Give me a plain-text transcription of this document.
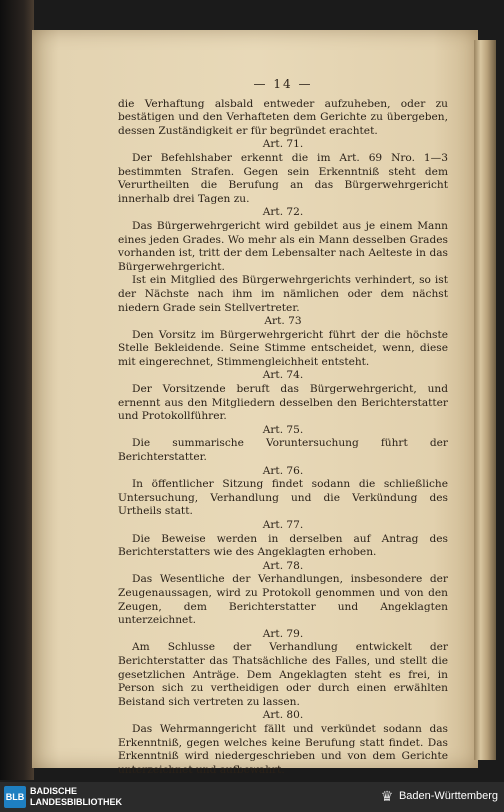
— 14 —

die Verhaftung alsbald entweder aufzuheben, oder zu bestätigen und den Verhafteten dem Gerichte zu übergeben, dessen Zuständigkeit er für begründet erachtet.

Art. 71.

Der Befehlshaber erkennt die im Art. 69 Nro. 1—3 bestimmten Strafen. Gegen sein Erkenntniß steht dem Verurtheilten die Berufung an das Bürgerwehrgericht innerhalb drei Tagen zu.

Art. 72.

Das Bürgerwehrgericht wird gebildet aus je einem Mann eines jeden Grades. Wo mehr als ein Mann desselben Grades vorhanden ist, tritt der dem Lebensalter nach Aelteste in das Bürgerwehrgericht.

Ist ein Mitglied des Bürgerwehrgerichts verhindert, so ist der Nächste nach ihm im nämlichen oder dem nächst niedern Grade sein Stellvertreter.

Art. 73

Den Vorsitz im Bürgerwehrgericht führt der die höchste Stelle Bekleidende. Seine Stimme entscheidet, wenn, diese mit eingerechnet, Stimmengleichheit entsteht.

Art. 74.

Der Vorsitzende beruft das Bürgerwehrgericht, und ernennt aus den Mitgliedern desselben den Berichterstatter und Protokollführer.

Art. 75.

Die summarische Voruntersuchung führt der Berichterstatter.

Art. 76.

In öffentlicher Sitzung findet sodann die schließliche Untersuchung, Verhandlung und die Verkündung des Urtheils statt.

Art. 77.

Die Beweise werden in derselben auf Antrag des Berichterstatters wie des Angeklagten erhoben.

Art. 78.

Das Wesentliche der Verhandlungen, insbesondere der Zeugenaussagen, wird zu Protokoll genommen und von den Zeugen, dem Berichterstatter und Angeklagten unterzeichnet.

Art. 79.

Am Schlusse der Verhandlung entwickelt der Berichterstatter das Thatsächliche des Falles, und stellt die gesetzlichen Anträge. Dem Angeklagten steht es frei, in Person sich zu vertheidigen oder durch einen erwählten Beistand sich vertreten zu lassen.

Art. 80.

Das Wehrmanngericht fällt und verkündet sodann das Erkenntniß, gegen welches keine Berufung statt findet. Das Erkenntniß wird niedergeschrieben und von dem Gerichte unterzeichnet und aufbewahrt.

BLB
BADISCHE
LANDESBIBLIOTHEK	♛ Baden-Württemberg
